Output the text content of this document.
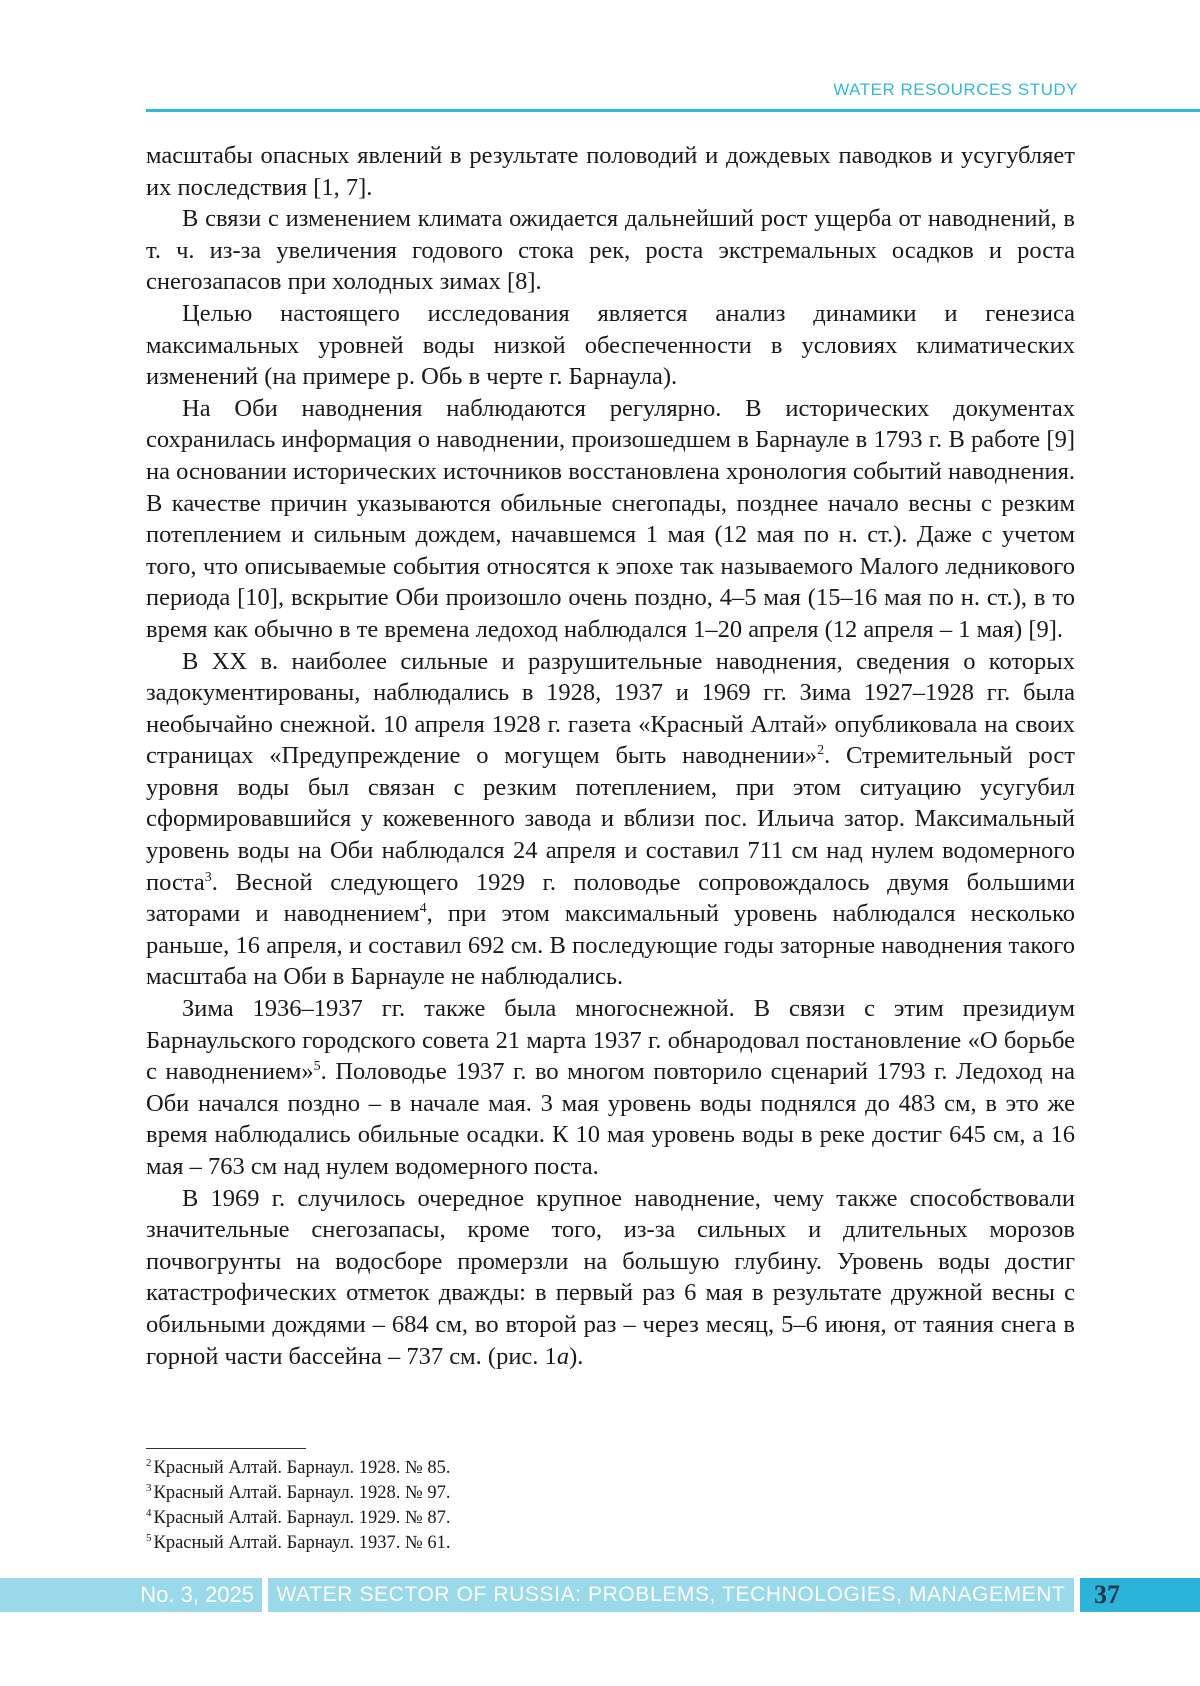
WATER RESOURCES STUDY

масштабы опасных явлений в результате половодий и дождевых паводков и усугубляет их последствия [1, 7].

В связи с изменением климата ожидается дальнейший рост ущерба от наводнений, в т. ч. из-за увеличения годового стока рек, роста экстремальных осадков и роста снегозапасов при холодных зимах [8].

Целью настоящего исследования является анализ динамики и генезиса максимальных уровней воды низкой обеспеченности в условиях климатических изменений (на примере р. Обь в черте г. Барнаула).

На Оби наводнения наблюдаются регулярно. В исторических документах сохранилась информация о наводнении, произошедшем в Барнауле в 1793 г. В работе [9] на основании исторических источников восстановлена хронология событий наводнения. В качестве причин указываются обильные снегопады, позднее начало весны с резким потеплением и сильным дождем, начавшемся 1 мая (12 мая по н. ст.). Даже с учетом того, что описываемые события относятся к эпохе так называемого Малого ледникового периода [10], вскрытие Оби произошло очень поздно, 4–5 мая (15–16 мая по н. ст.), в то время как обычно в те времена ледоход наблюдался 1–20 апреля (12 апреля – 1 мая) [9].

В XX в. наиболее сильные и разрушительные наводнения, сведения о которых задокументированы, наблюдались в 1928, 1937 и 1969 гг. Зима 1927–1928 гг. была необычайно снежной. 10 апреля 1928 г. газета «Красный Алтай» опубликовала на своих страницах «Предупреждение о могущем быть наводнении»$^2$. Стремительный рост уровня воды был связан с резким потеплением, при этом ситуацию усугубил сформировавшийся у кожевенного завода и вблизи пос. Ильича затор. Максимальный уровень воды на Оби наблюдался 24 апреля и составил 711 см над нулем водомерного поста$^3$. Весной следующего 1929 г. половодье сопровождалось двумя большими заторами и наводнением$^4$, при этом максимальный уровень наблюдался несколько раньше, 16 апреля, и составил 692 см. В последующие годы заторные наводнения такого масштаба на Оби в Барнауле не наблюдались.

Зима 1936–1937 гг. также была многоснежной. В связи с этим президиум Барнаульского городского совета 21 марта 1937 г. обнародовал постановление «О борьбе с наводнением»$^5$. Половодье 1937 г. во многом повторило сценарий 1793 г. Ледоход на Оби начался поздно – в начале мая. 3 мая уровень воды поднялся до 483 см, в это же время наблюдались обильные осадки. К 10 мая уровень воды в реке достиг 645 см, а 16 мая – 763 см над нулем водомерного поста.

В 1969 г. случилось очередное крупное наводнение, чему также способствовали значительные снегозапасы, кроме того, из-за сильных и длительных морозов почвогрунты на водосборе промерзли на большую глубину. Уровень воды достиг катастрофических отметок дважды: в первый раз 6 мая в результате дружной весны с обильными дождями – 684 см, во второй раз – через месяц, 5–6 июня, от таяния снега в горной части бассейна – 737 см. (рис. 1а).

$^2$ Красный Алтай. Барнаул. 1928. № 85.
$^3$ Красный Алтай. Барнаул. 1928. № 97.
$^4$ Красный Алтай. Барнаул. 1929. № 87.
$^5$ Красный Алтай. Барнаул. 1937. № 61.
No. 3, 2025	WATER SECTOR OF RUSSIA: PROBLEMS, TECHNOLOGIES, MANAGEMENT	37
